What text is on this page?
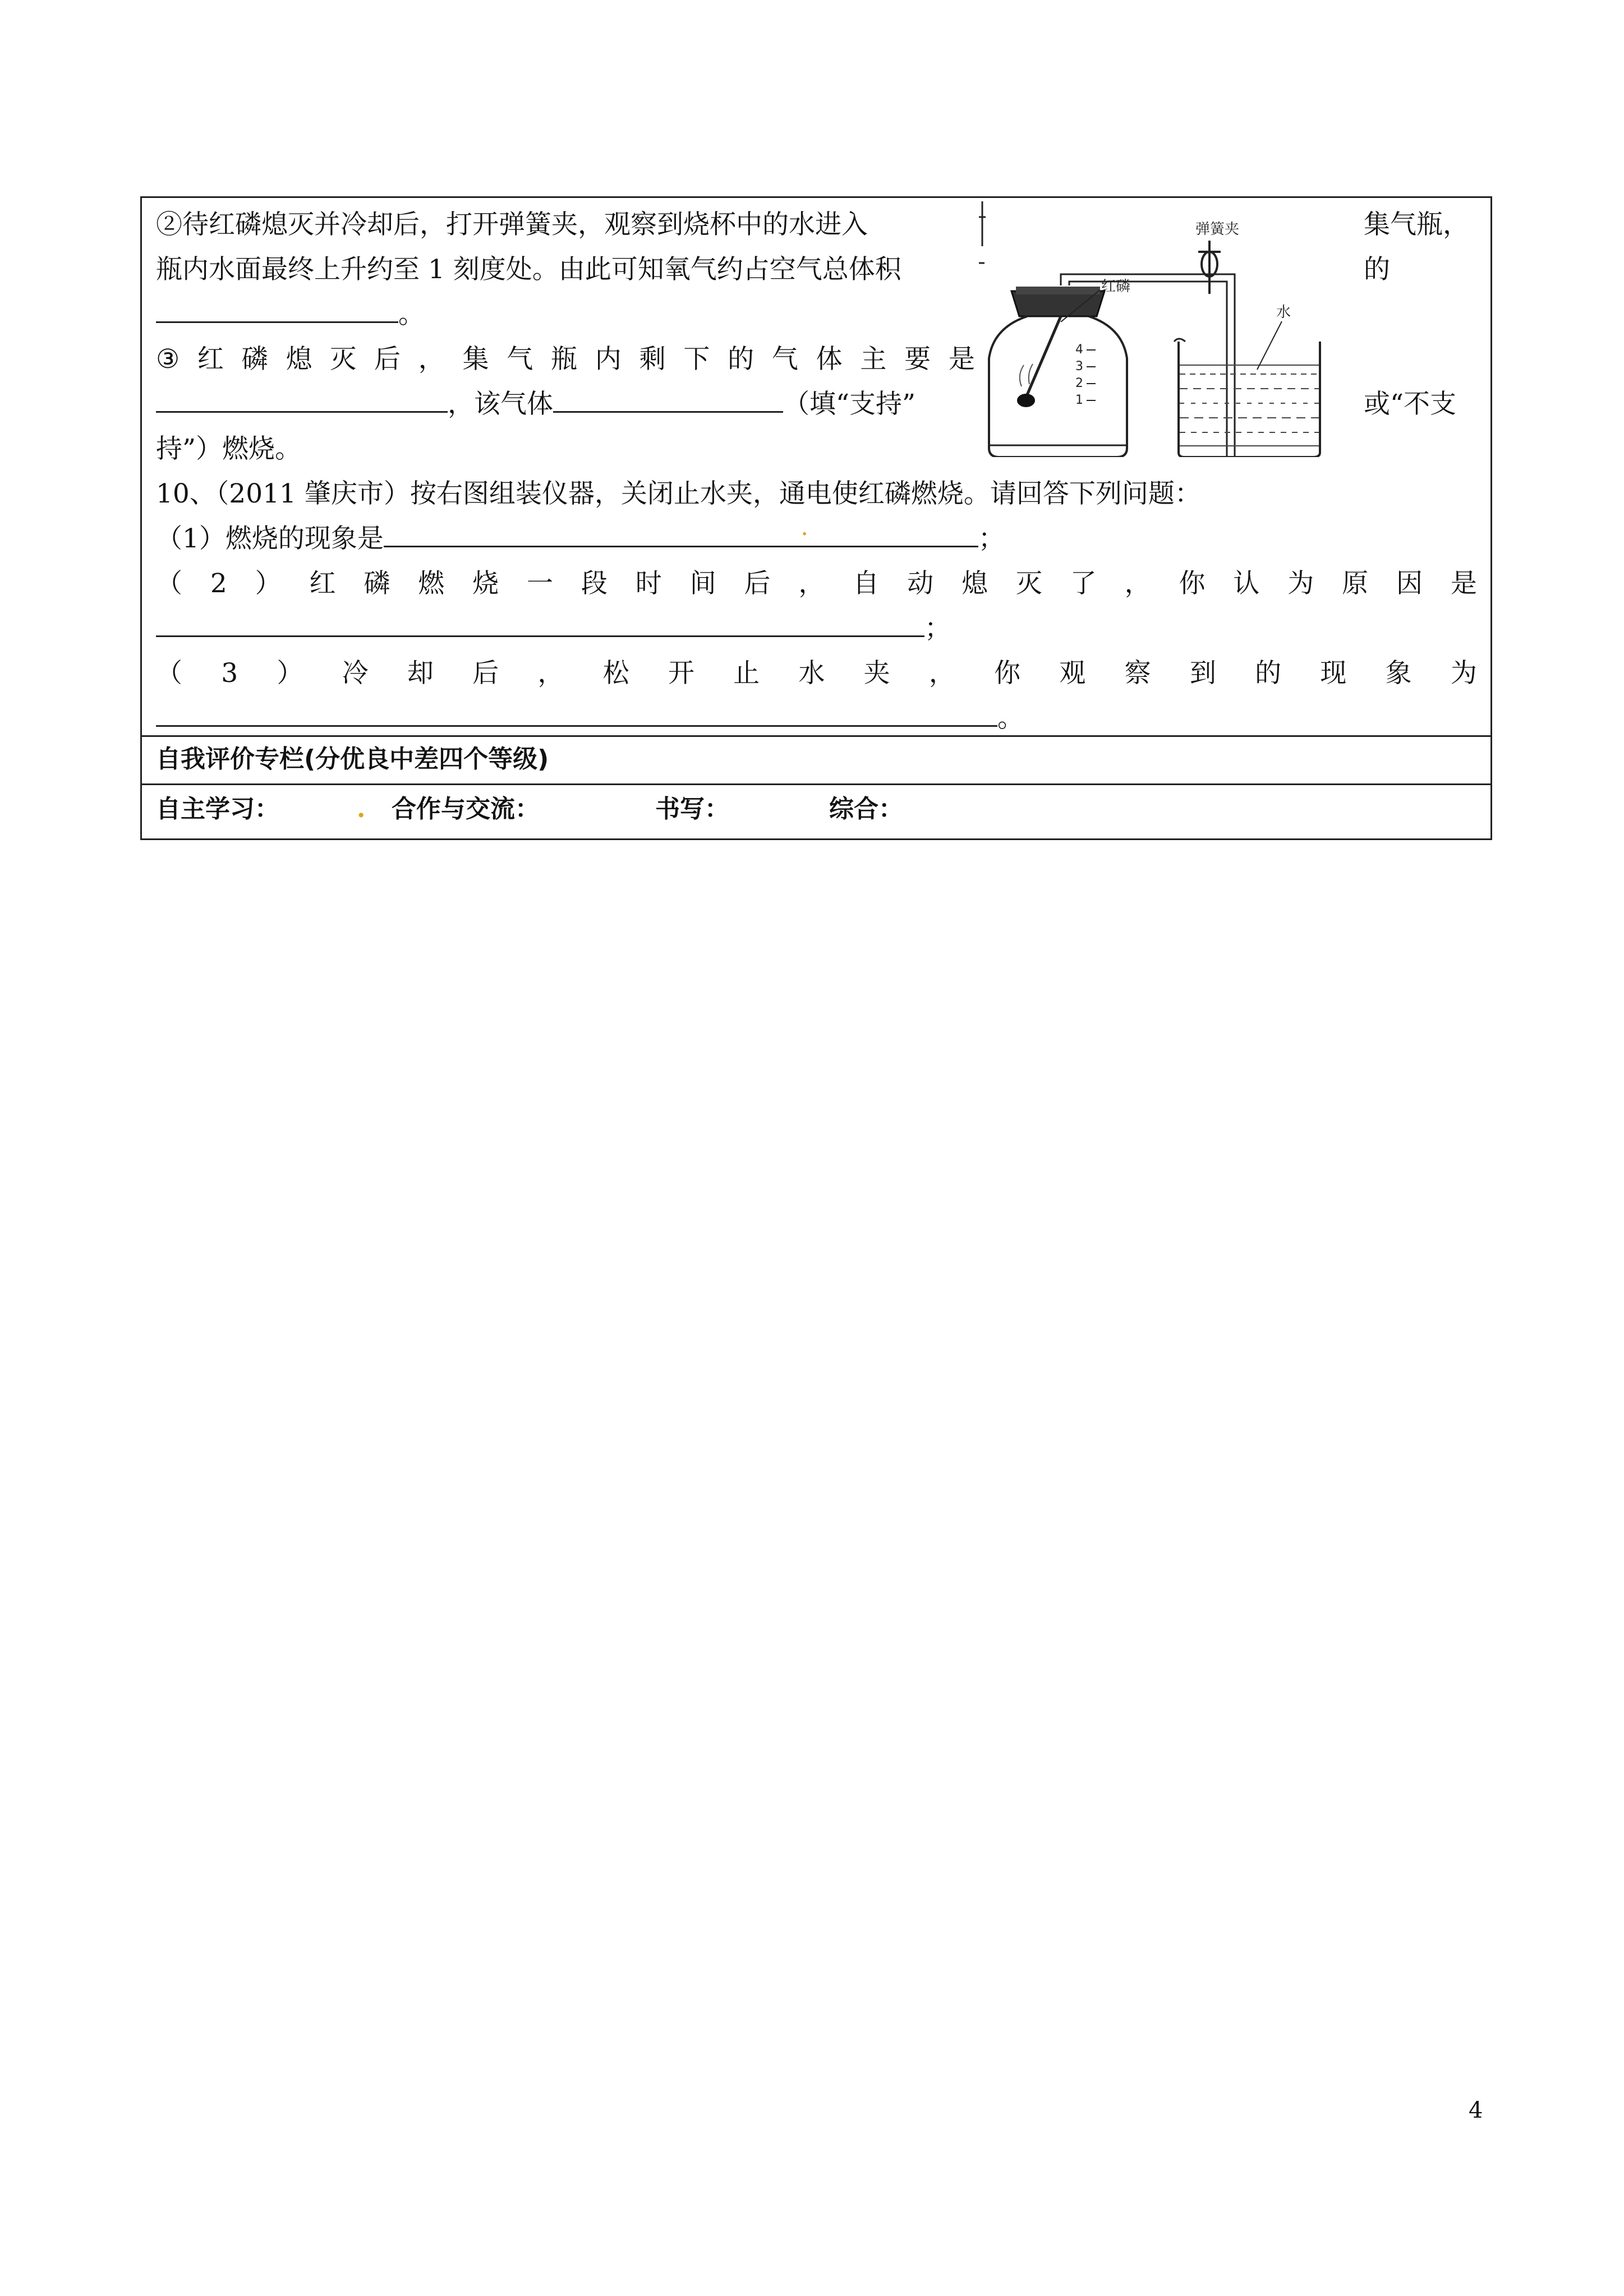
②待红磷熄灭并冷却后，打开弹簧夹，观察到烧杯中的水进入	集气瓶，
瓶内水面最终上升约至 1 刻度处。由此可知氧气约占空气总体积	的
。
③ 红 磷 熄 灭 后 ， 集 气 瓶 内 剩 下 的 气 体 主 要 是
，该气体	（填“支持”	或“不支
持”）燃烧。
弹簧夹
红磷
4
3
2
1
水
10、（2011 肇庆市）按右图组装仪器，关闭止水夹，通电使红磷燃烧。请回答下列问题：
（1）燃烧的现象是	.	；
（ 2 ） 红 磷 燃 烧 一 段 时 间 后 ， 自 动 熄 灭 了 ， 你 认 为 原 因 是
；
（ 3 ） 冷 却 后 ， 松 开 止 水 夹 ， 你 观 察 到 的 现 象 为
。
自我评价专栏(分优良中差四个等级)
自主学习：	. 合作与交流：	书写：	综合：
4
